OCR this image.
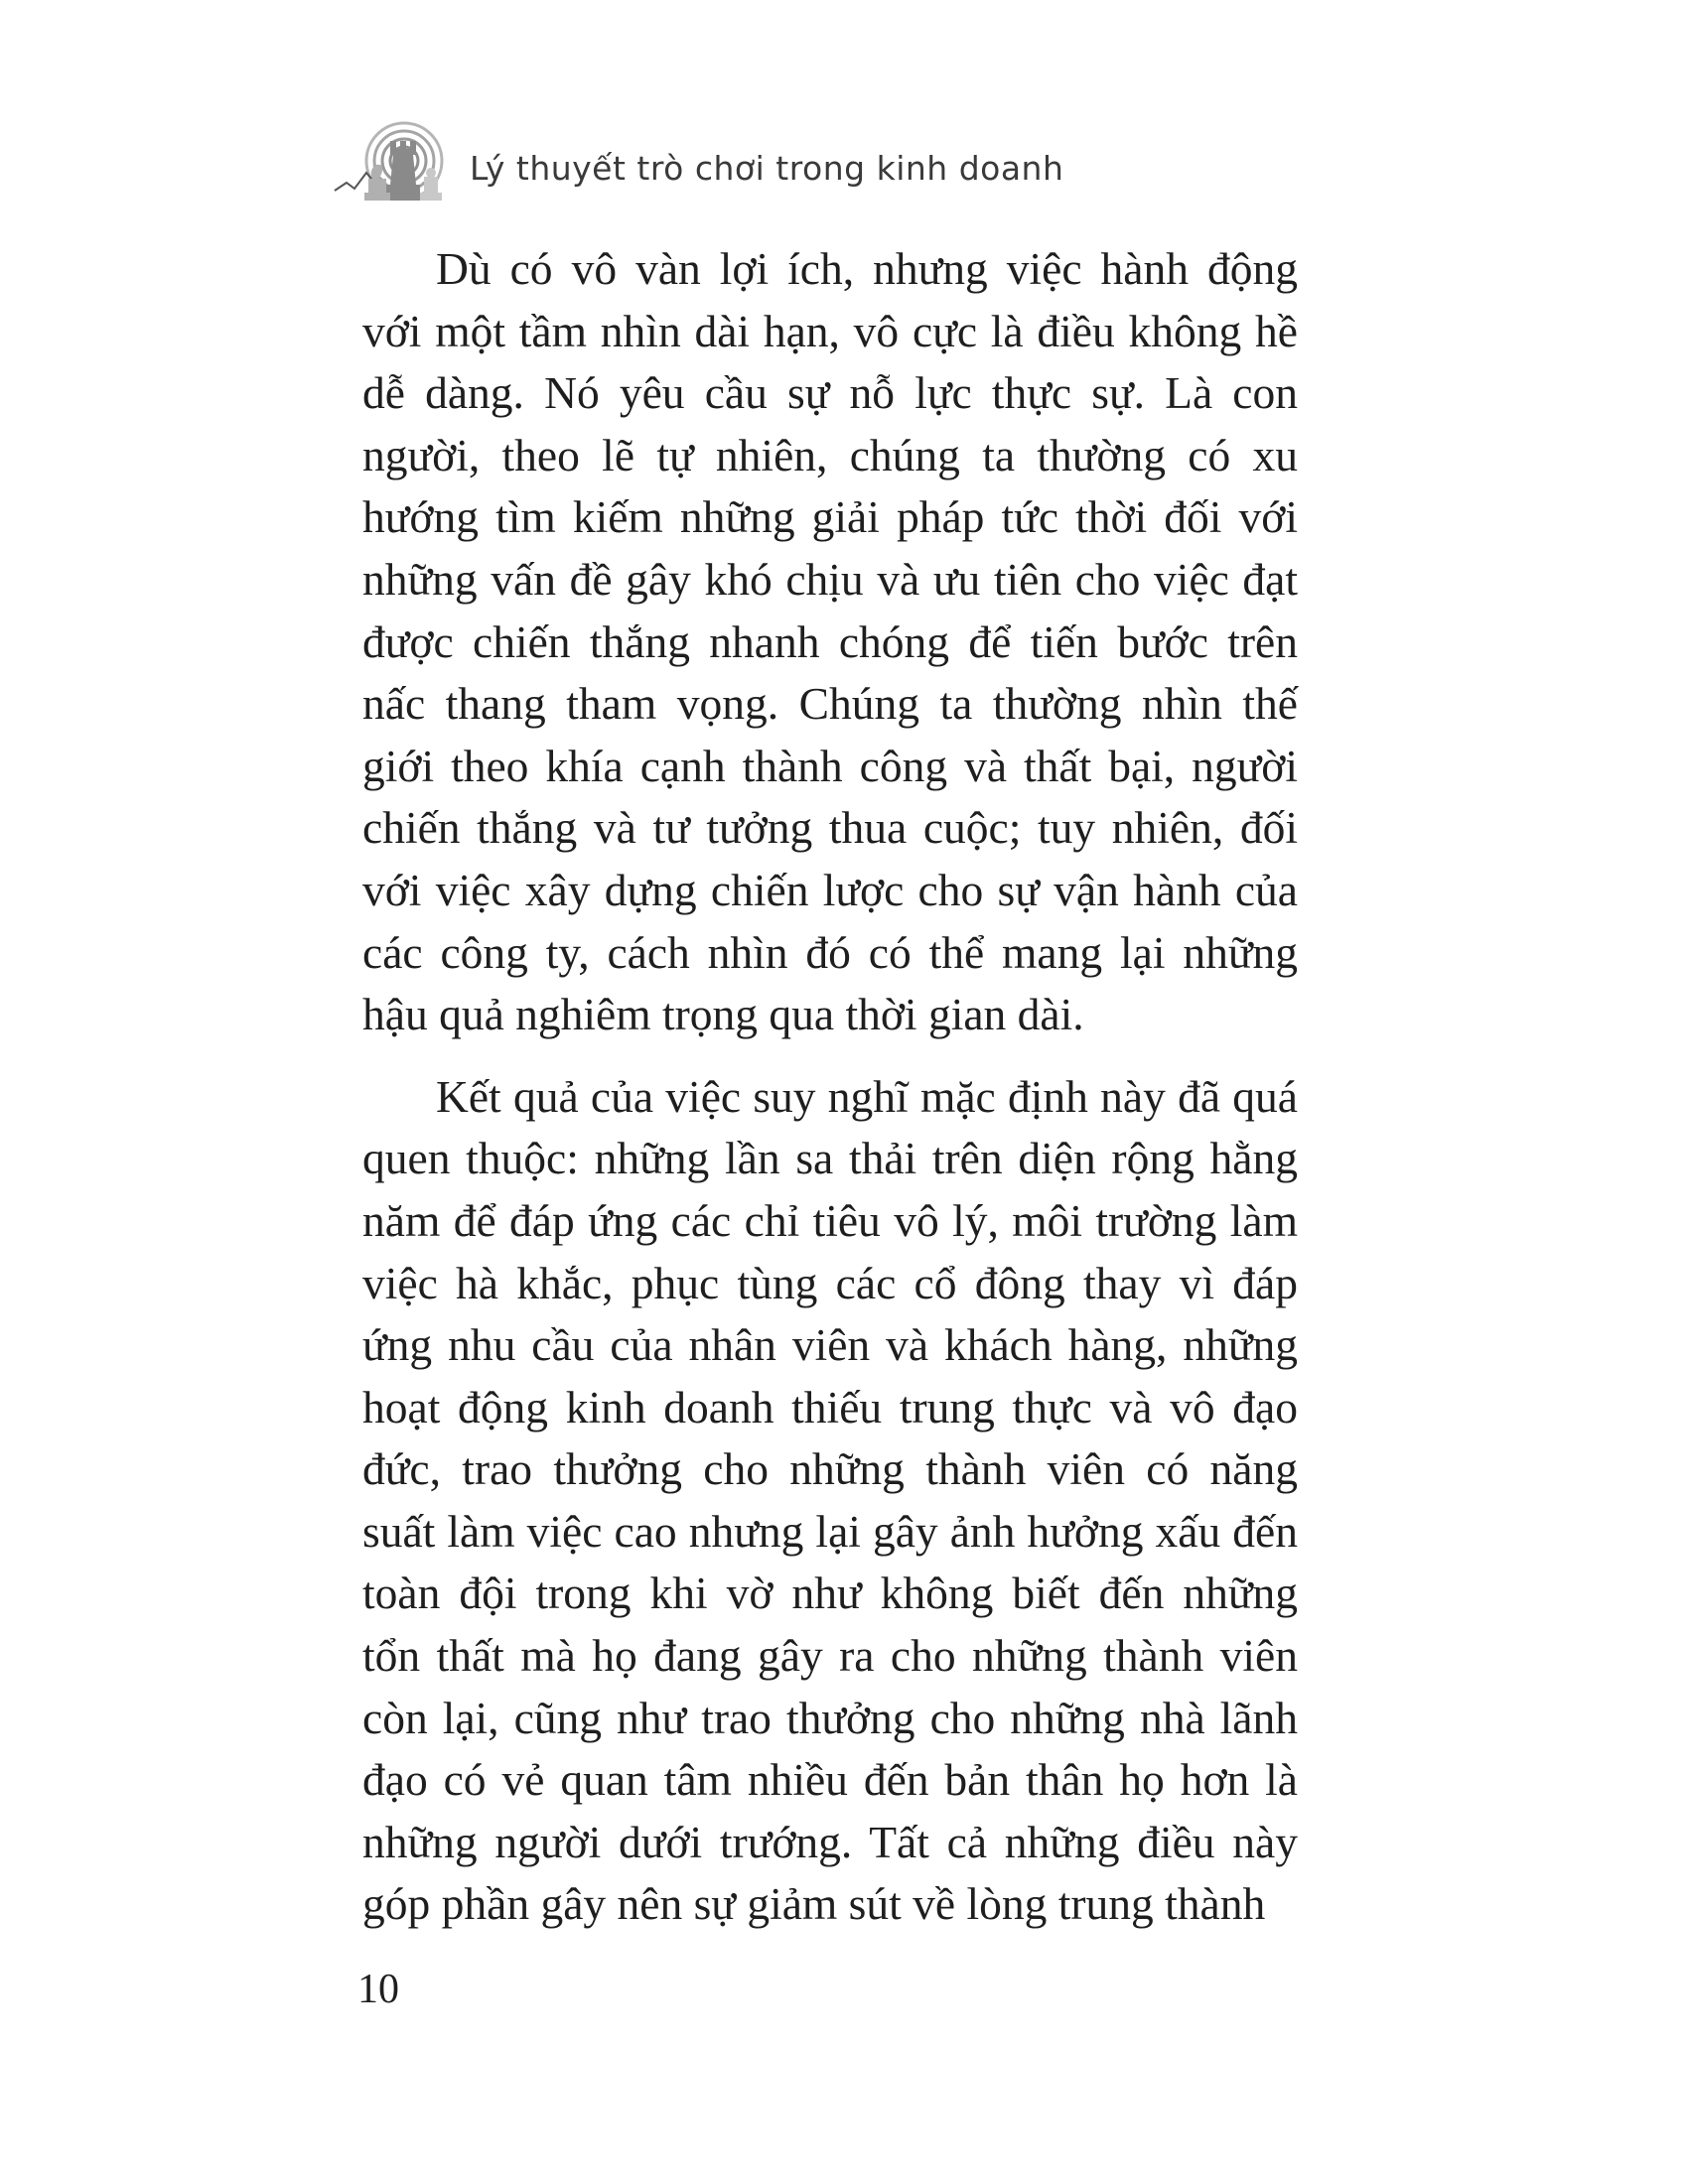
Lý thuyết trò chơi trong kinh doanh

Dù có vô vàn lợi ích, nhưng việc hành động với một tầm nhìn dài hạn, vô cực là điều không hề dễ dàng. Nó yêu cầu sự nỗ lực thực sự. Là con người, theo lẽ tự nhiên, chúng ta thường có xu hướng tìm kiếm những giải pháp tức thời đối với những vấn đề gây khó chịu và ưu tiên cho việc đạt được chiến thắng nhanh chóng để tiến bước trên nấc thang tham vọng. Chúng ta thường nhìn thế giới theo khía cạnh thành công và thất bại, người chiến thắng và tư tưởng thua cuộc; tuy nhiên, đối với việc xây dựng chiến lược cho sự vận hành của các công ty, cách nhìn đó có thể mang lại những hậu quả nghiêm trọng qua thời gian dài.

Kết quả của việc suy nghĩ mặc định này đã quá quen thuộc: những lần sa thải trên diện rộng hằng năm để đáp ứng các chỉ tiêu vô lý, môi trường làm việc hà khắc, phục tùng các cổ đông thay vì đáp ứng nhu cầu của nhân viên và khách hàng, những hoạt động kinh doanh thiếu trung thực và vô đạo đức, trao thưởng cho những thành viên có năng suất làm việc cao nhưng lại gây ảnh hưởng xấu đến toàn đội trong khi vờ như không biết đến những tổn thất mà họ đang gây ra cho những thành viên còn lại, cũng như trao thưởng cho những nhà lãnh đạo có vẻ quan tâm nhiều đến bản thân họ hơn là những người dưới trướng. Tất cả những điều này góp phần gây nên sự giảm sút về lòng trung thành

10
